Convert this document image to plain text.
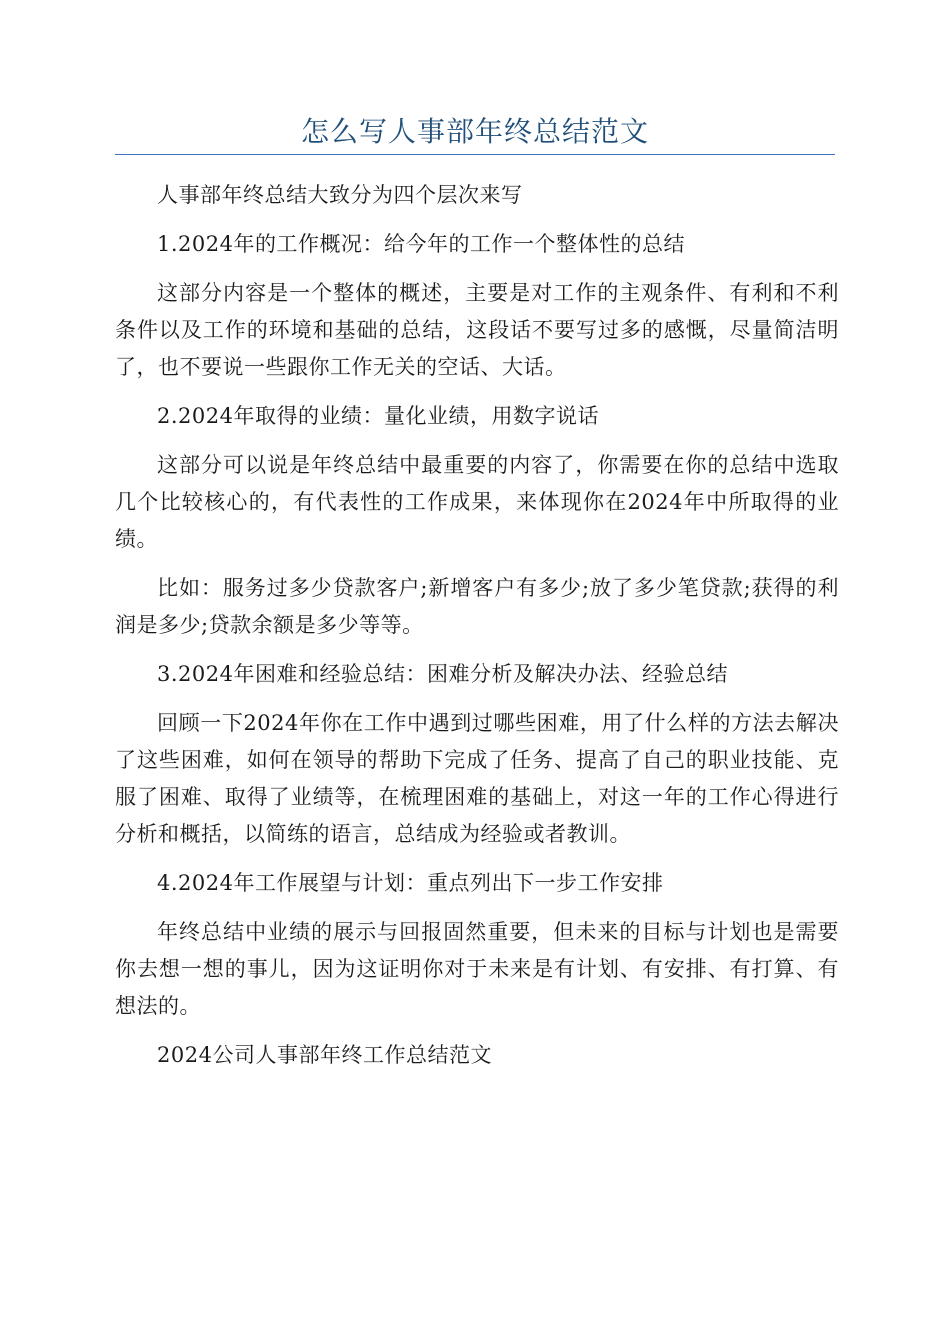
怎么写人事部年终总结范文

人事部年终总结大致分为四个层次来写

1.2024年的工作概况：给今年的工作一个整体性的总结

这部分内容是一个整体的概述，主要是对工作的主观条件、有利和不利条件以及工作的环境和基础的总结，这段话不要写过多的感慨，尽量简洁明了，也不要说一些跟你工作无关的空话、大话。

2.2024年取得的业绩：量化业绩，用数字说话

这部分可以说是年终总结中最重要的内容了，你需要在你的总结中选取几个比较核心的，有代表性的工作成果，来体现你在2024年中所取得的业绩。

比如：服务过多少贷款客户;新增客户有多少;放了多少笔贷款;获得的利润是多少;贷款余额是多少等等。

3.2024年困难和经验总结：困难分析及解决办法、经验总结

回顾一下2024年你在工作中遇到过哪些困难，用了什么样的方法去解决了这些困难，如何在领导的帮助下完成了任务、提高了自己的职业技能、克服了困难、取得了业绩等，在梳理困难的基础上，对这一年的工作心得进行分析和概括，以简练的语言，总结成为经验或者教训。

4.2024年工作展望与计划：重点列出下一步工作安排

年终总结中业绩的展示与回报固然重要，但未来的目标与计划也是需要你去想一想的事儿，因为这证明你对于未来是有计划、有安排、有打算、有想法的。

2024公司人事部年终工作总结范文
